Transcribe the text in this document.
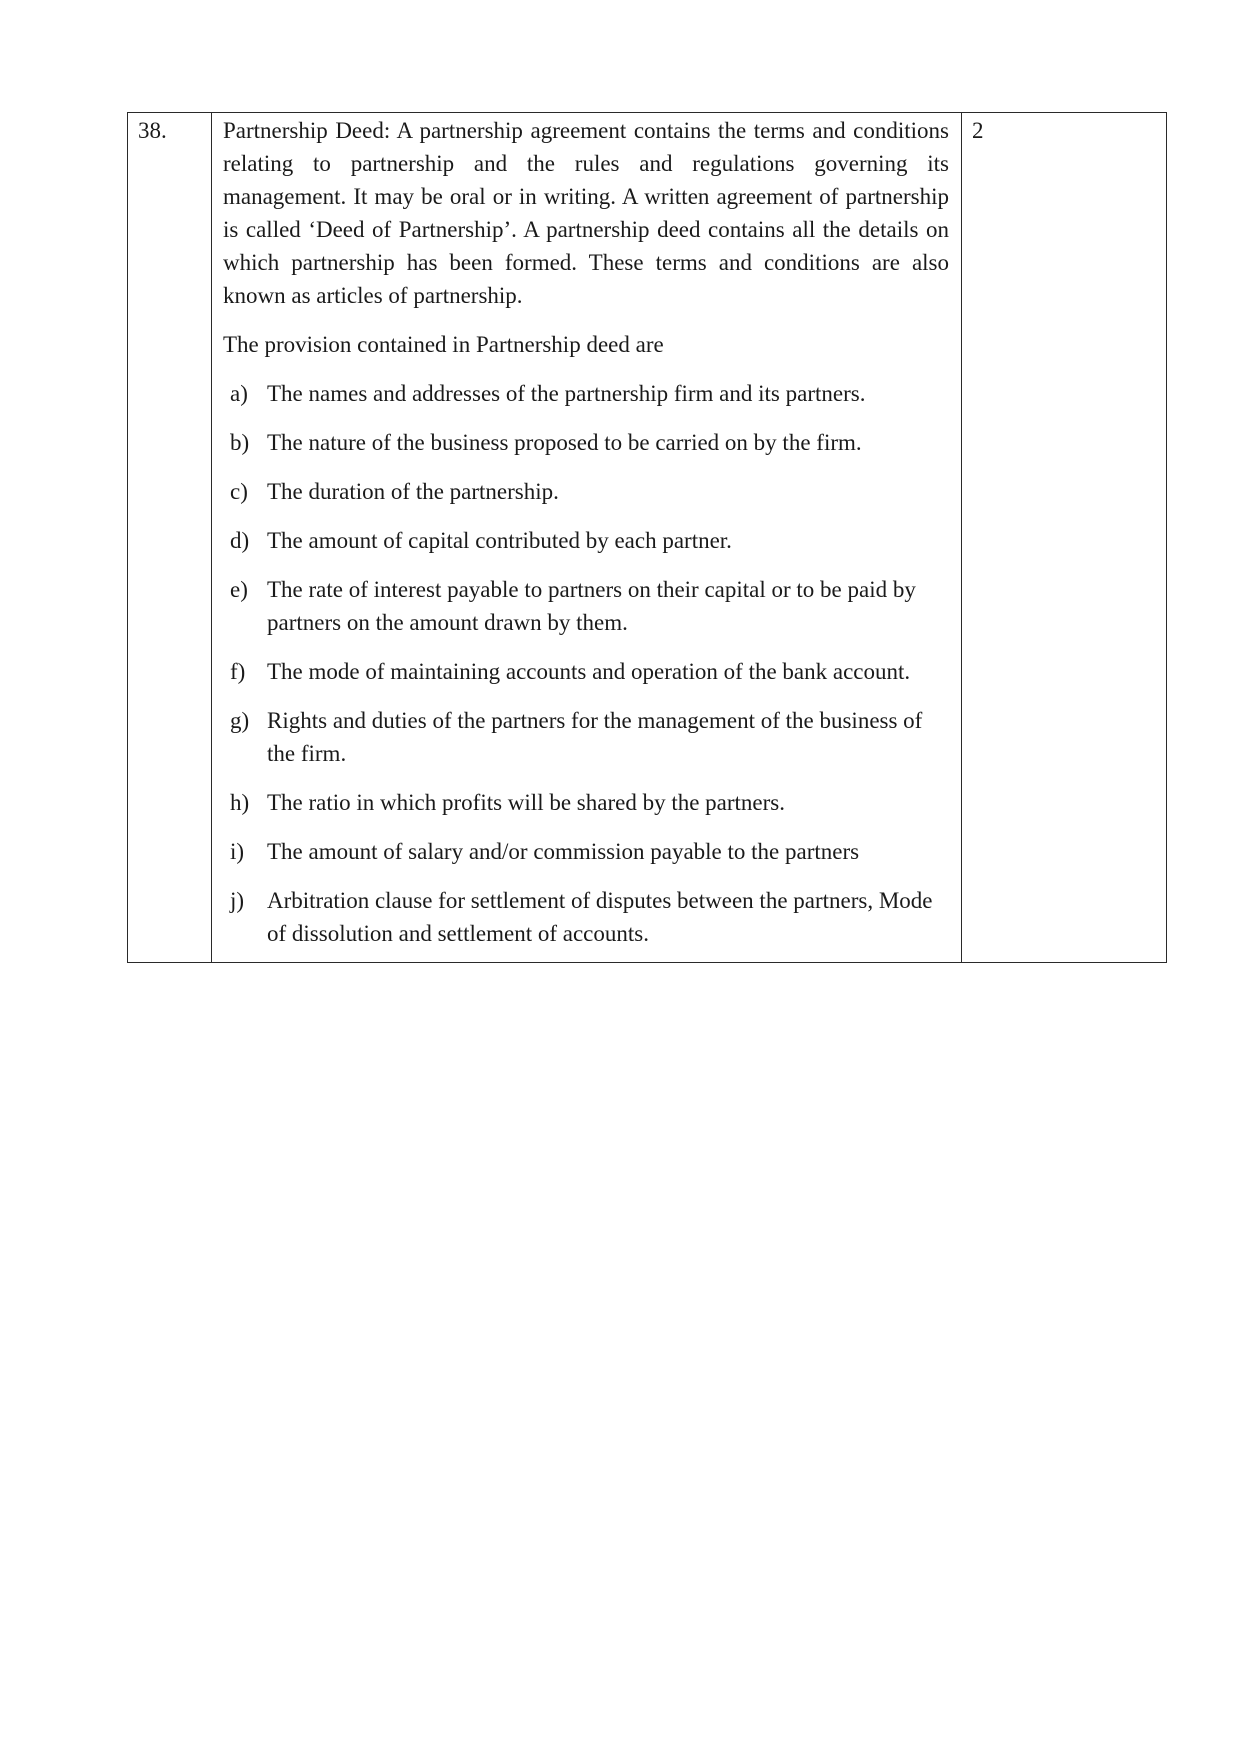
38.	Partnership Deed: A partnership agreement contains the terms and conditions relating to partnership and the rules and regulations governing its management. It may be oral or in writing. A written agreement of partnership is called ‘Deed of Partnership’. A partnership deed contains all the details on which partnership has been formed. These terms and conditions are also known as articles of partnership.

The provision contained in Partnership deed are

a) The names and addresses of the partnership firm and its partners.
b) The nature of the business proposed to be carried on by the firm.
c) The duration of the partnership.
d) The amount of capital contributed by each partner.
e) The rate of interest payable to partners on their capital or to be paid by partners on the amount drawn by them.
f) The mode of maintaining accounts and operation of the bank account.
g) Rights and duties of the partners for the management of the business of the firm.
h) The ratio in which profits will be shared by the partners.
i) The amount of salary and/or commission payable to the partners
j) Arbitration clause for settlement of disputes between the partners, Mode of dissolution and settlement of accounts.
	2
